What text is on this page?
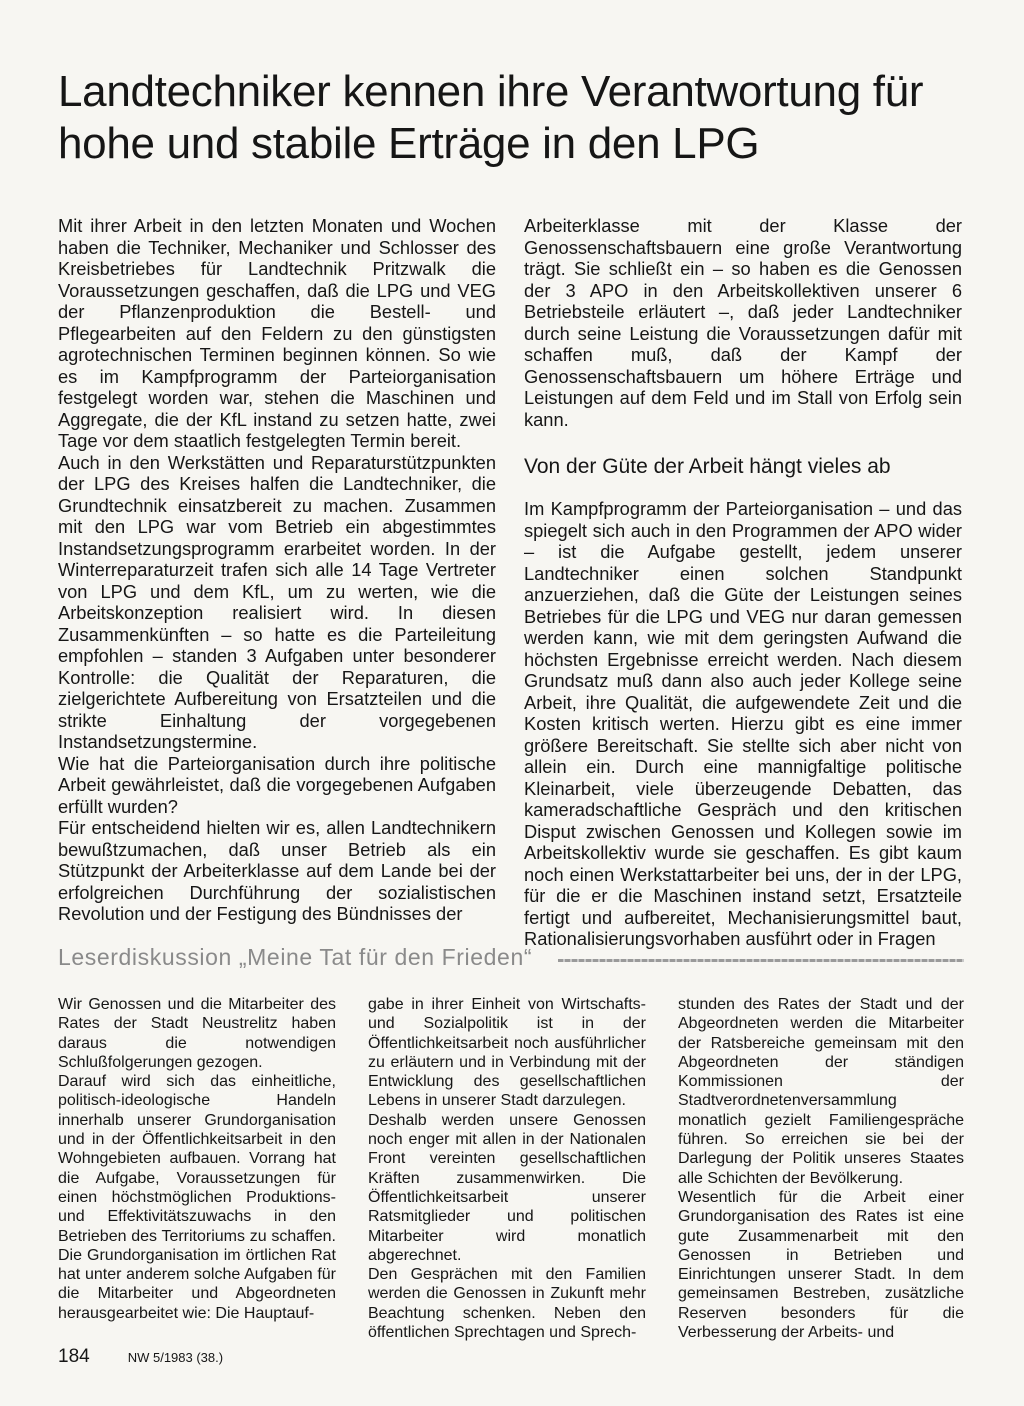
Landtechniker kennen ihre Verantwortung für hohe und stabile Erträge in den LPG

Mit ihrer Arbeit in den letzten Monaten und Wochen haben die Techniker, Mechaniker und Schlosser des Kreisbetriebes für Landtechnik Pritzwalk die Voraussetzungen geschaffen, daß die LPG und VEG der Pflanzenproduktion die Bestell- und Pflegearbeiten auf den Feldern zu den günstigsten agrotechnischen Terminen beginnen können. So wie es im Kampfprogramm der Parteiorganisation festgelegt worden war, stehen die Maschinen und Aggregate, die der KfL instand zu setzen hatte, zwei Tage vor dem staatlich festgelegten Termin bereit.

Auch in den Werkstätten und Reparaturstützpunkten der LPG des Kreises halfen die Landtechniker, die Grundtechnik einsatzbereit zu machen. Zusammen mit den LPG war vom Betrieb ein abgestimmtes Instandsetzungsprogramm erarbeitet worden. In der Winterreparaturzeit trafen sich alle 14 Tage Vertreter von LPG und dem KfL, um zu werten, wie die Arbeitskonzeption realisiert wird. In diesen Zusammenkünften – so hatte es die Parteileitung empfohlen – standen 3 Aufgaben unter besonderer Kontrolle: die Qualität der Reparaturen, die zielgerichtete Aufbereitung von Ersatzteilen und die strikte Einhaltung der vorgegebenen Instandsetzungstermine.

Wie hat die Parteiorganisation durch ihre politische Arbeit gewährleistet, daß die vorgegebenen Aufgaben erfüllt wurden?

Für entscheidend hielten wir es, allen Landtechnikern bewußtzumachen, daß unser Betrieb als ein Stützpunkt der Arbeiterklasse auf dem Lande bei der erfolgreichen Durchführung der sozialistischen Revolution und der Festigung des Bündnisses der

Arbeiterklasse mit der Klasse der Genossenschaftsbauern eine große Verantwortung trägt. Sie schließt ein – so haben es die Genossen der 3 APO in den Arbeitskollektiven unserer 6 Betriebsteile erläutert –, daß jeder Landtechniker durch seine Leistung die Voraussetzungen dafür mit schaffen muß, daß der Kampf der Genossenschaftsbauern um höhere Erträge und Leistungen auf dem Feld und im Stall von Erfolg sein kann.

Von der Güte der Arbeit hängt vieles ab

Im Kampfprogramm der Parteiorganisation – und das spiegelt sich auch in den Programmen der APO wider – ist die Aufgabe gestellt, jedem unserer Landtechniker einen solchen Standpunkt anzuerziehen, daß die Güte der Leistungen seines Betriebes für die LPG und VEG nur daran gemessen werden kann, wie mit dem geringsten Aufwand die höchsten Ergebnisse erreicht werden. Nach diesem Grundsatz muß dann also auch jeder Kollege seine Arbeit, ihre Qualität, die aufgewendete Zeit und die Kosten kritisch werten. Hierzu gibt es eine immer größere Bereitschaft. Sie stellte sich aber nicht von allein ein. Durch eine mannigfaltige politische Kleinarbeit, viele überzeugende Debatten, das kameradschaftliche Gespräch und den kritischen Disput zwischen Genossen und Kollegen sowie im Arbeitskollektiv wurde sie geschaffen. Es gibt kaum noch einen Werkstattarbeiter bei uns, der in der LPG, für die er die Maschinen instand setzt, Ersatzteile fertigt und aufbereitet, Mechanisierungsmittel baut, Rationalisierungsvorhaben ausführt oder in Fragen

Leserdiskussion „Meine Tat für den Frieden“

Wir Genossen und die Mitarbeiter des Rates der Stadt Neustrelitz haben daraus die notwendigen Schlußfolgerungen gezogen.

Darauf wird sich das einheitliche, politisch-ideologische Handeln innerhalb unserer Grundorganisation und in der Öffentlichkeitsarbeit in den Wohngebieten aufbauen. Vorrang hat die Aufgabe, Voraussetzungen für einen höchstmöglichen Produktions- und Effektivitätszuwachs in den Betrieben des Territoriums zu schaffen. Die Grundorganisation im örtlichen Rat hat unter anderem solche Aufgaben für die Mitarbeiter und Abgeordneten herausgearbeitet wie: Die Hauptauf-

gabe in ihrer Einheit von Wirtschafts- und Sozialpolitik ist in der Öffentlichkeitsarbeit noch ausführlicher zu erläutern und in Verbindung mit der Entwicklung des gesellschaftlichen Lebens in unserer Stadt darzulegen.

Deshalb werden unsere Genossen noch enger mit allen in der Nationalen Front vereinten gesellschaftlichen Kräften zusammenwirken. Die Öffentlichkeitsarbeit unserer Ratsmitglieder und politischen Mitarbeiter wird monatlich abgerechnet.

Den Gesprächen mit den Familien werden die Genossen in Zukunft mehr Beachtung schenken. Neben den öffentlichen Sprechtagen und Sprech-

stunden des Rates der Stadt und der Abgeordneten werden die Mitarbeiter der Ratsbereiche gemeinsam mit den Abgeordneten der ständigen Kommissionen der Stadtverordnetenversammlung monatlich gezielt Familiengespräche führen. So erreichen sie bei der Darlegung der Politik unseres Staates alle Schichten der Bevölkerung.

Wesentlich für die Arbeit einer Grundorganisation des Rates ist eine gute Zusammenarbeit mit den Genossen in Betrieben und Einrichtungen unserer Stadt. In dem gemeinsamen Bestreben, zusätzliche Reserven besonders für die Verbesserung der Arbeits- und

184	NW 5/1983 (38.)
